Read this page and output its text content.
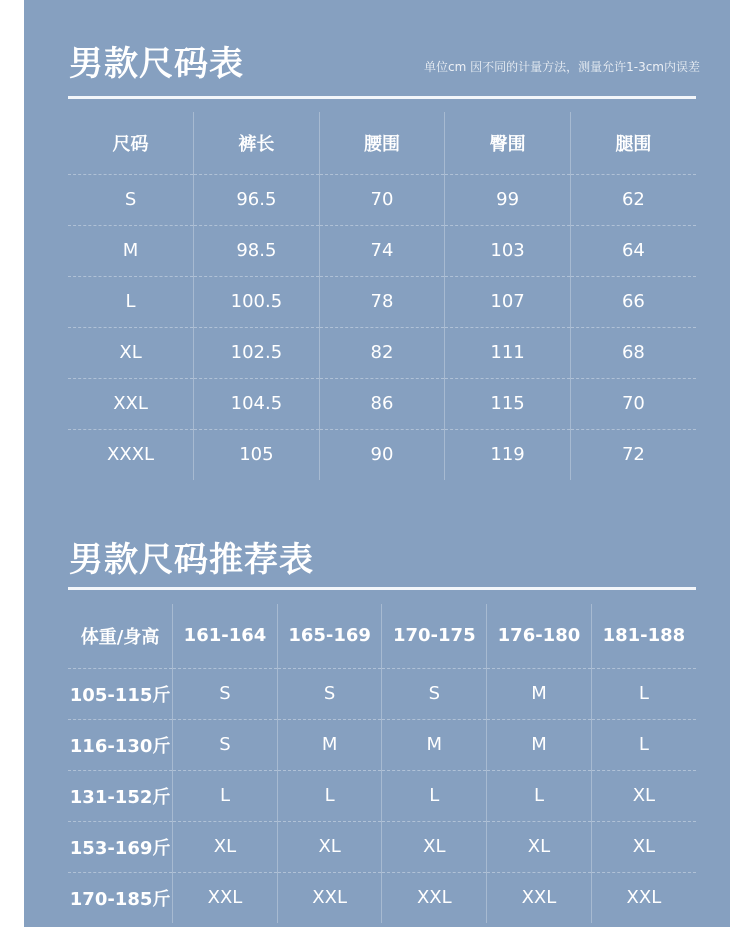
男款尺码表	单位cm 因不同的计量方法，测量允许1-3cm内误差
尺码	裤长	腰围	臀围	腿围
S	96.5	70	99	62
M	98.5	74	103	64
L	100.5	78	107	66
XL	102.5	82	111	68
XXL	104.5	86	115	70
XXXL	105	90	119	72
男款尺码推荐表
体重/身高	161-164	165-169	170-175	176-180	181-188
105-115斤	S	S	S	M	L
116-130斤	S	M	M	M	L
131-152斤	L	L	L	L	XL
153-169斤	XL	XL	XL	XL	XL
170-185斤	XXL	XXL	XXL	XXL	XXL
